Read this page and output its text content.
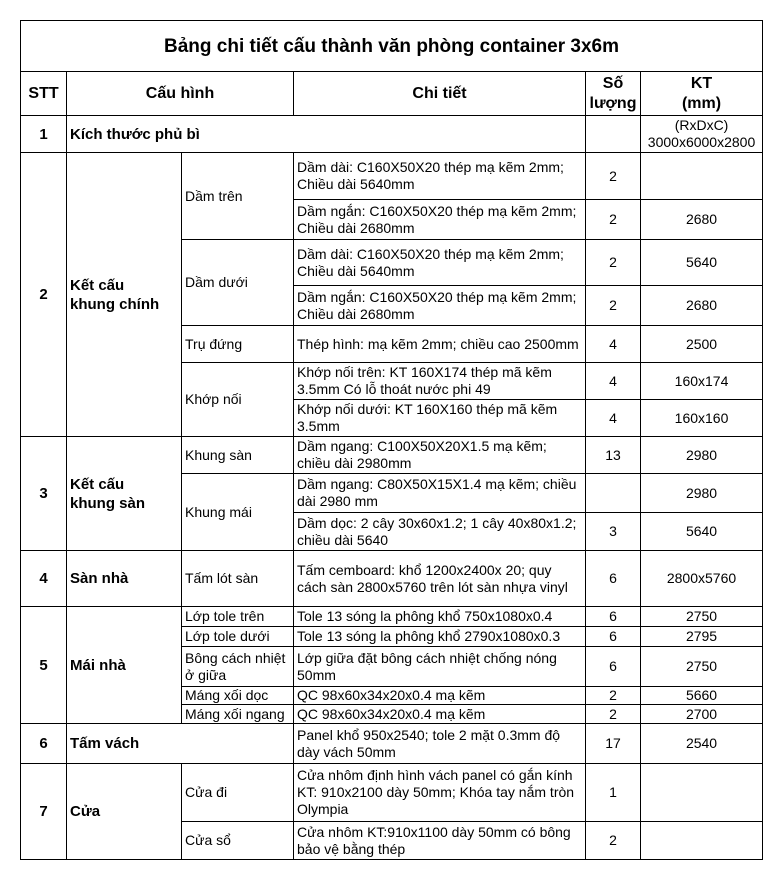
Bảng chi tiết cấu thành văn phòng container 3x6m					
STT	Cấu hình		Chi tiết	Số
lượng	KT
(mm)
1	Kích thước phủ bì				(RxDxC)
3000x6000x2800
2	Kết cấu
khung chính	Dầm trên	Dầm dài: C160X50X20 thép mạ kẽm 2mm; Chiều dài 5640mm	2	
			Dầm ngắn: C160X50X20 thép mạ kẽm 2mm; Chiều dài 2680mm	2	2680
		Dầm dưới	Dầm dài: C160X50X20 thép mạ kẽm 2mm; Chiều dài 5640mm	2	5640
			Dầm ngắn: C160X50X20 thép mạ kẽm 2mm; Chiều dài 2680mm	2	2680
		Trụ đứng	Thép hình: mạ kẽm 2mm; chiều cao 2500mm	4	2500
		Khớp nối	Khớp nối trên: KT 160X174 thép mã kẽm 3.5mm Có lỗ thoát nước phi 49	4	160x174
			Khớp nối dưới: KT 160X160 thép mã kẽm 3.5mm	4	160x160
3	Kết cấu
khung sàn	Khung sàn	Dầm ngang: C100X50X20X1.5 mạ kẽm; chiều dài 2980mm	13	2980
		Khung mái	Dầm ngang: C80X50X15X1.4 mạ kẽm; chiều dài 2980 mm		2980
			Dầm dọc: 2 cây 30x60x1.2; 1 cây 40x80x1.2; chiều dài 5640	3	5640
4	Sàn nhà	Tấm lót sàn	Tấm cemboard: khổ 1200x2400x 20; quy cách sàn 2800x5760 trên lót sàn nhựa vinyl	6	2800x5760
5	Mái nhà	Lớp tole trên	Tole 13 sóng la phông khổ 750x1080x0.4	6	2750
		Lớp tole dưới	Tole 13 sóng la phông khổ 2790x1080x0.3	6	2795
		Bông cách nhiệt ở giữa	Lớp giữa đặt bông cách nhiệt chống nóng 50mm	6	2750
		Máng xối dọc	QC 98x60x34x20x0.4 mạ kẽm	2	5660
		Máng xối ngang	QC 98x60x34x20x0.4 mạ kẽm	2	2700
6	Tấm vách		Panel khổ 950x2540; tole 2 mặt 0.3mm độ dày vách 50mm	17	2540
7	Cửa	Cửa đi	Cửa nhôm định hình vách panel có gắn kính KT: 910x2100 dày 50mm; Khóa tay nắm tròn Olympia	1	
		Cửa sổ	Cửa nhôm KT:910x1100 dày 50mm có bông bảo vệ bằng thép	2	
